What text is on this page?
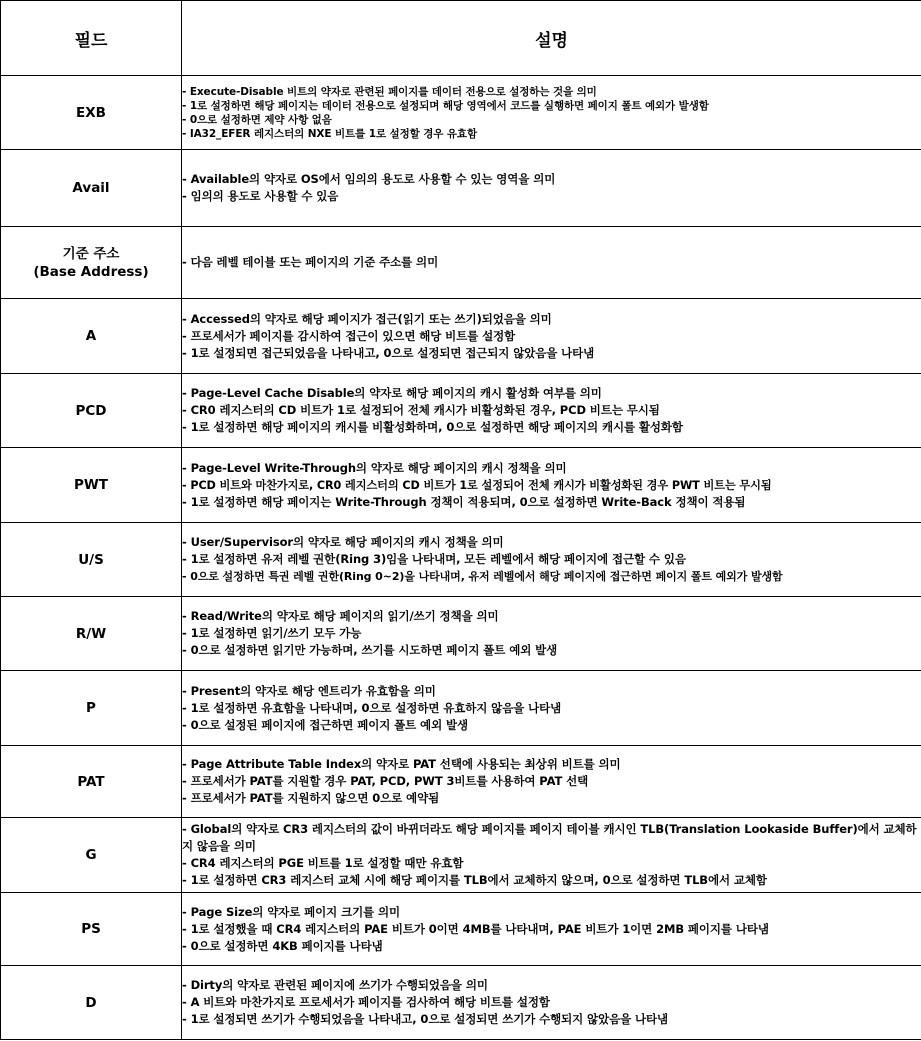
필드	설명
EXB	- Execute-Disable 비트의 약자로 관련된 페이지를 데이터 전용으로 설정하는 것을 의미
- 1로 설정하면 해당 페이지는 데이터 전용으로 설정되며 해당 영역에서 코드를 실행하면 페이지 폴트 예외가 발생함
- 0으로 설정하면 제약 사항 없음
- IA32_EFER 레지스터의 NXE 비트를 1로 설정할 경우 유효함

Avail	- Available의 약자로 OS에서 임의의 용도로 사용할 수 있는 영역을 의미
- 임의의 용도로 사용할 수 있음

기준 주소
(Base Address)	- 다음 레벨 테이블 또는 페이지의 기준 주소를 의미

A	- Accessed의 약자로 해당 페이지가 접근(읽기 또는 쓰기)되었음을 의미
- 프로세서가 페이지를 감시하여 접근이 있으면 해당 비트를 설정함
- 1로 설정되면 접근되었음을 나타내고, 0으로 설정되면 접근되지 않았음을 나타냄

PCD	- Page-Level Cache Disable의 약자로 해당 페이지의 캐시 활성화 여부를 의미
- CR0 레지스터의 CD 비트가 1로 설정되어 전체 캐시가 비활성화된 경우, PCD 비트는 무시됨
- 1로 설정하면 해당 페이지의 캐시를 비활성화하며, 0으로 설정하면 해당 페이지의 캐시를 활성화함

PWT	- Page-Level Write-Through의 약자로 해당 페이지의 캐시 정책을 의미
- PCD 비트와 마찬가지로, CR0 레지스터의 CD 비트가 1로 설정되어 전체 캐시가 비활성화된 경우 PWT 비트는 무시됨
- 1로 설정하면 해당 페이지는 Write-Through 정책이 적용되며, 0으로 설정하면 Write-Back 정책이 적용됨

U/S	- User/Supervisor의 약자로 해당 페이지의 캐시 정책을 의미
- 1로 설정하면 유저 레벨 권한(Ring 3)임을 나타내며, 모든 레벨에서 해당 페이지에 접근할 수 있음
- 0으로 설정하면 특권 레벨 권한(Ring 0~2)을 나타내며, 유저 레벨에서 해당 페이지에 접근하면 페이지 폴트 예외가 발생함

R/W	- Read/Write의 약자로 해당 페이지의 읽기/쓰기 정책을 의미
- 1로 설정하면 읽기/쓰기 모두 가능
- 0으로 설정하면 읽기만 가능하며, 쓰기를 시도하면 페이지 폴트 예외 발생

P	- Present의 약자로 해당 엔트리가 유효함을 의미
- 1로 설정하면 유효함을 나타내며, 0으로 설정하면 유효하지 않음을 나타냄
- 0으로 설정된 페이지에 접근하면 페이지 폴트 예외 발생

PAT	- Page Attribute Table Index의 약자로 PAT 선택에 사용되는 최상위 비트를 의미
- 프로세서가 PAT를 지원할 경우 PAT, PCD, PWT 3비트를 사용하여 PAT 선택
- 프로세서가 PAT를 지원하지 않으면 0으로 예약됨

G	- Global의 약자로 CR3 레지스터의 값이 바뀌더라도 해당 페이지를 페이지 테이블 캐시인 TLB(Translation Lookaside Buffer)에서 교체하지 않음을 의미
- CR4 레지스터의 PGE 비트를 1로 설정할 때만 유효함
- 1로 설정하면 CR3 레지스터 교체 시에 해당 페이지를 TLB에서 교체하지 않으며, 0으로 설정하면 TLB에서 교체함

PS	- Page Size의 약자로 페이지 크기를 의미
- 1로 설정했을 때 CR4 레지스터의 PAE 비트가 0이면 4MB를 나타내며, PAE 비트가 1이면 2MB 페이지를 나타냄
- 0으로 설정하면 4KB 페이지를 나타냄

D	- Dirty의 약자로 관련된 페이지에 쓰기가 수행되었음을 의미
- A 비트와 마찬가지로 프로세서가 페이지를 검사하여 해당 비트를 설정함
- 1로 설정되면 쓰기가 수행되었음을 나타내고, 0으로 설정되면 쓰기가 수행되지 않았음을 나타냄
